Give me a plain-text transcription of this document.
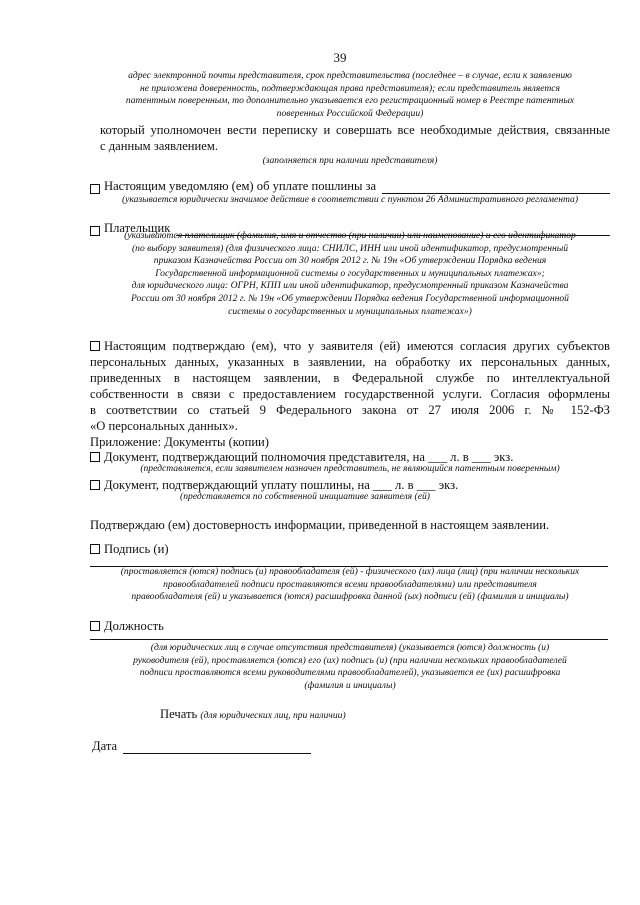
39
адрес электронной почты представителя, срок представительства (последнее – в случае, если к заявлению
не приложена доверенность, подтверждающая права представителя); если представитель является
патентным поверенным, то дополнительно указывается его регистрационный номер в Реестре патентных
поверенных Российской Федерации)
который уполномочен вести переписку и совершать все необходимые действия, связанные
с данным заявлением.
(заполняется при наличии представителя)
Настоящим уведомляю (ем) об уплате пошлины за
(указывается юридически значимое действие в соответствии с пунктом 26 Административного регламента)
Плательщик
(указываются плательщик (фамилия, имя и отчество (при наличии) или наименование) и его идентификатор
(по выбору заявителя) (для физического лица: СНИЛС, ИНН или иной идентификатор, предусмотренный
приказом Казначейства России от 30 ноября 2012 г. № 19н «Об утверждении Порядка ведения
Государственной информационной системы о государственных и муниципальных платежах»;
для юридического лица: ОГРН, КПП или иной идентификатор, предусмотренный приказом Казначейства
России от 30 ноября 2012 г. № 19н «Об утверждении Порядка ведения Государственной информационной
системы о государственных и муниципальных платежах»)
Настоящим подтверждаю (ем), что у заявителя (ей) имеются согласия других субъектов
персональных данных, указанных в заявлении, на обработку их персональных данных,
приведенных в настоящем заявлении, в Федеральной службе по интеллектуальной
собственности в связи с предоставлением государственной услуги. Согласия оформлены
в соответствии со статьей 9 Федерального закона от 27 июля 2006 г. № 152-ФЗ
«О персональных данных».
Приложение: Документы (копии)
Документ, подтверждающий полномочия представителя, на ___ л. в ___ экз.
(представляется, если заявителем назначен представитель, не являющийся патентным поверенным)
Документ, подтверждающий уплату пошлины, на ___ л. в ___ экз.
(представляется по собственной инициативе заявителя (ей)
Подтверждаю (ем) достоверность информации, приведенной в настоящем заявлении.
Подпись (и)
(проставляется (ются) подпись (и) правообладателя (ей) - физического (их) лица (лиц) (при наличии нескольких
правообладателей подписи проставляются всеми правообладателями) или представителя
правообладателя (ей) и указывается (ются) расшифровка данной (ых) подписи (ей) (фамилия и инициалы)
Должность
(для юридических лиц в случае отсутствия представителя) (указывается (ются) должность (и)
руководителя (ей), проставляется (ются) его (их) подпись (и) (при наличии нескольких правообладателей
подписи проставляются всеми руководителями правообладателей), указывается ее (их) расшифровка
(фамилия и инициалы)
Печать (для юридических лиц, при наличии)
Дата
